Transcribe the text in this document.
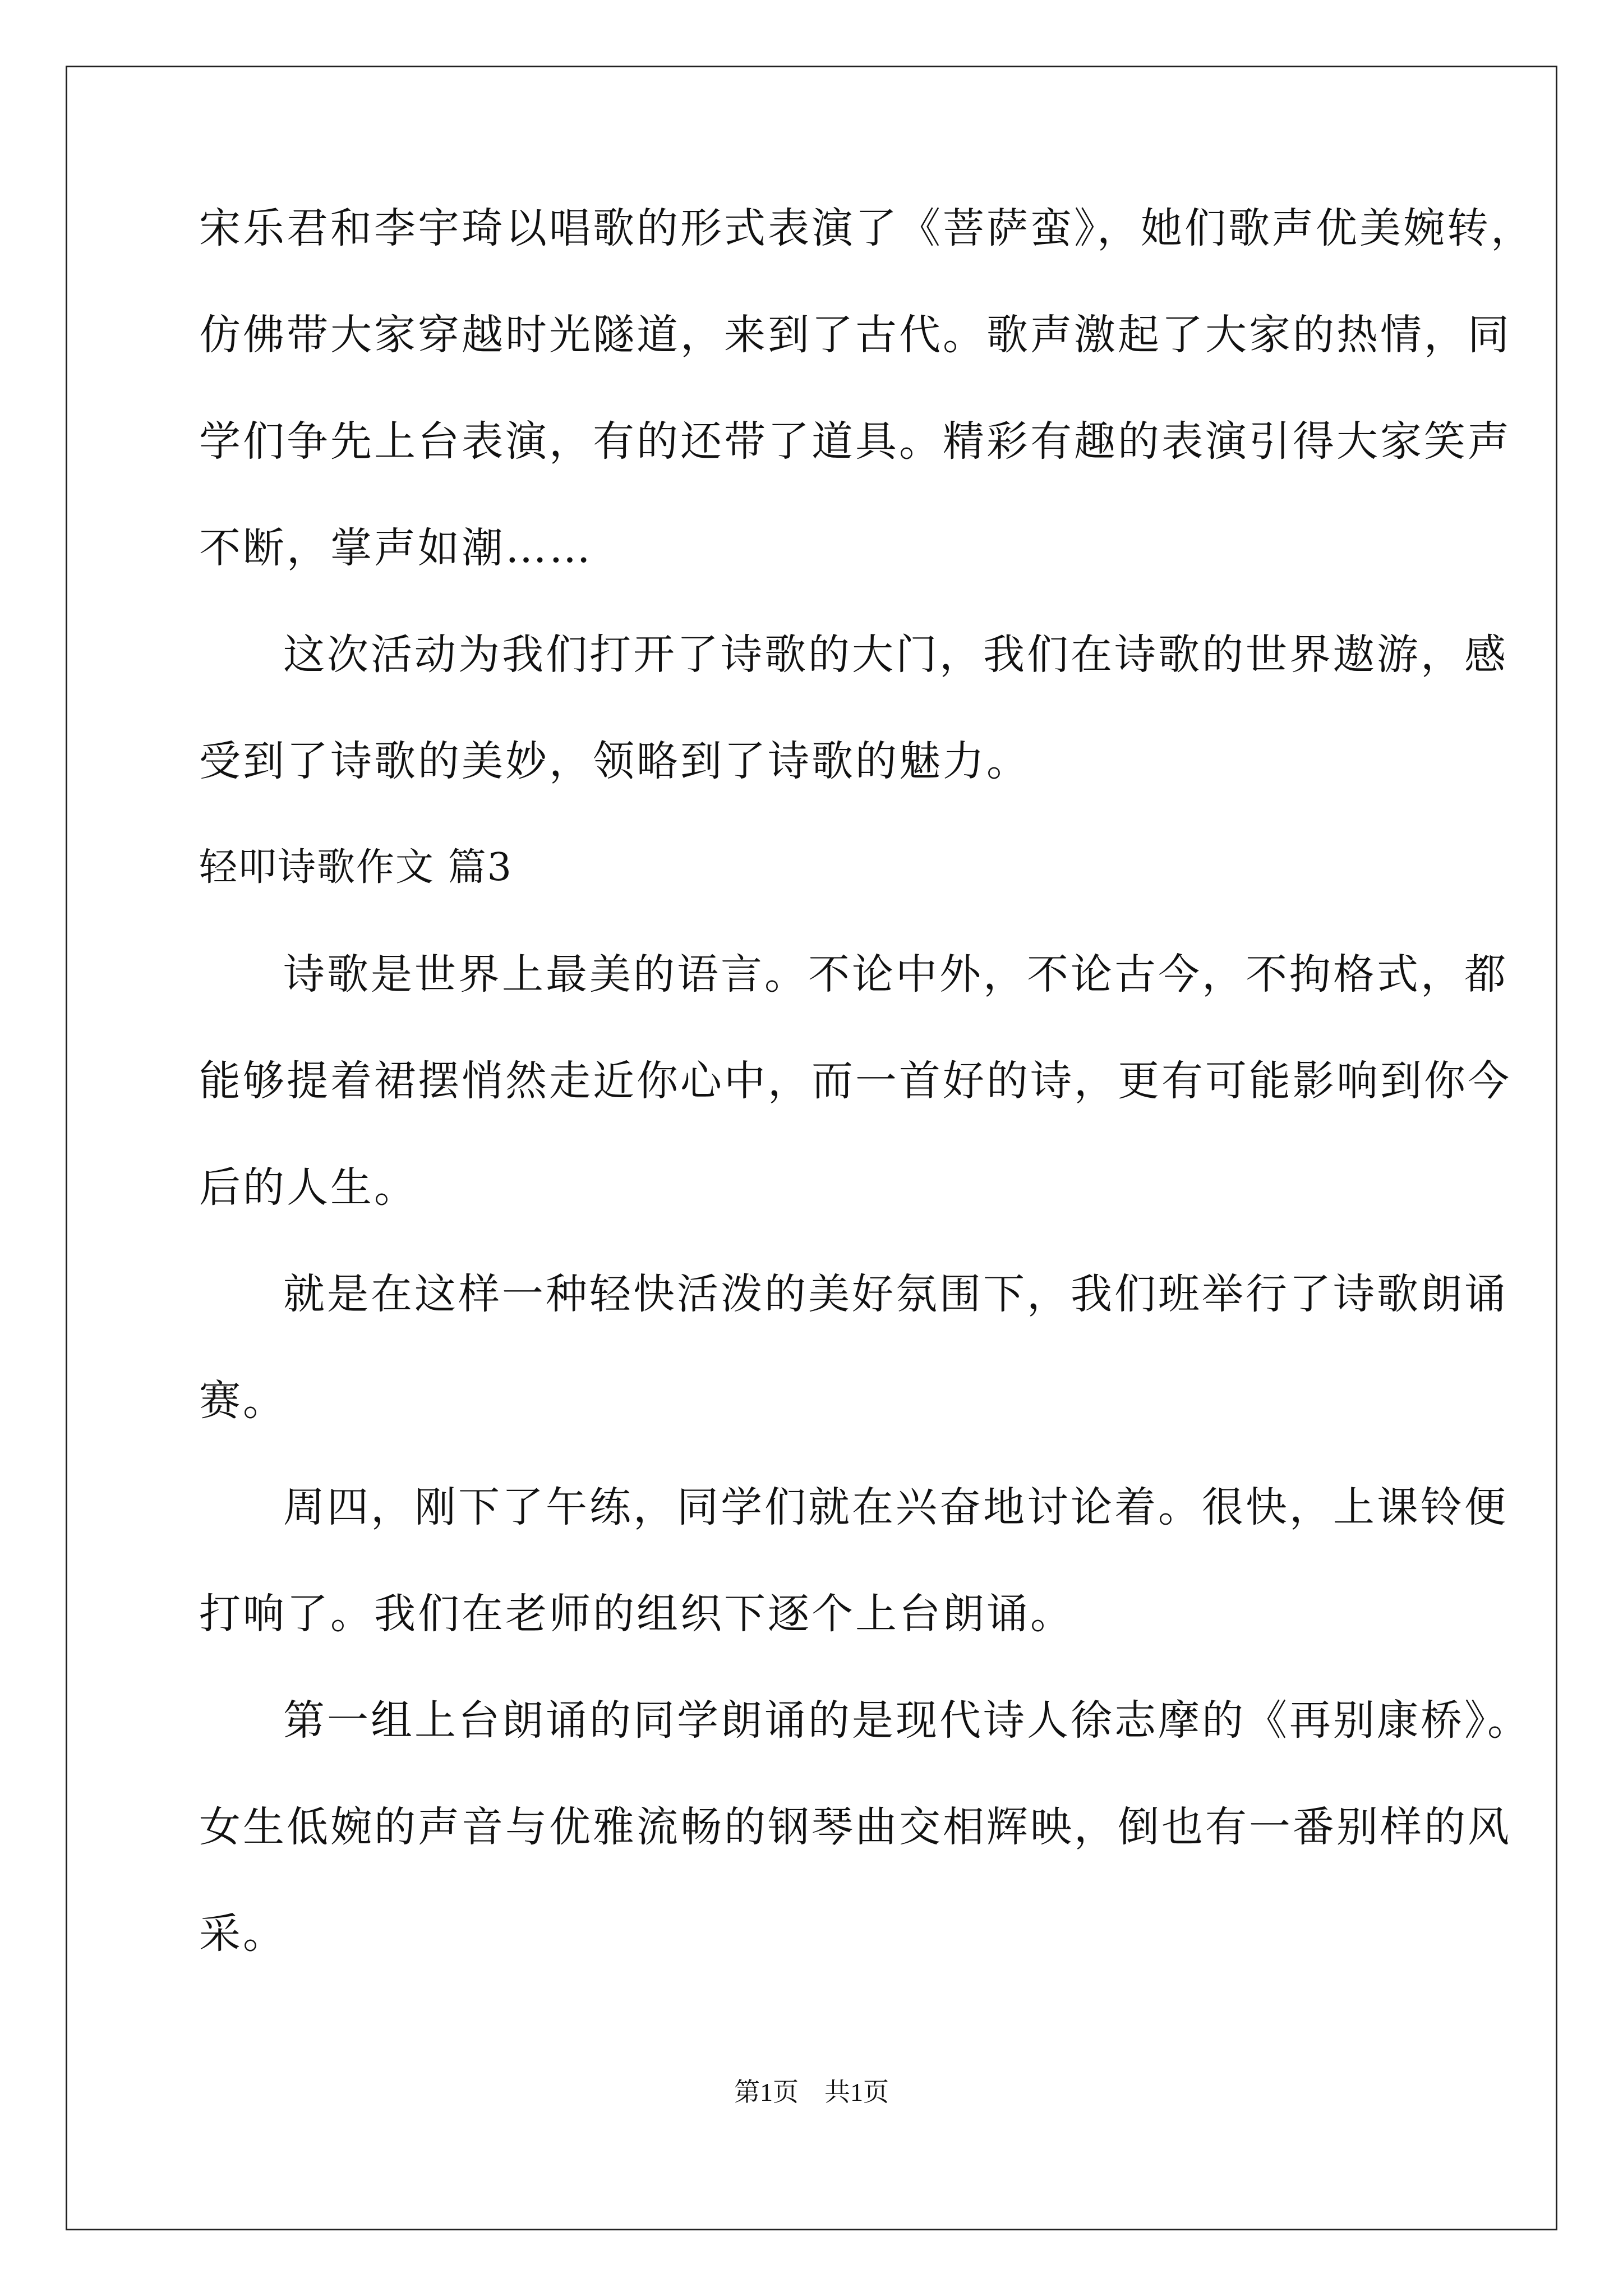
宋乐君和李宇琦以唱歌的形式表演了《菩萨蛮》，她们歌声优美婉转，
仿佛带大家穿越时光隧道，来到了古代。歌声激起了大家的热情，同
学们争先上台表演，有的还带了道具。精彩有趣的表演引得大家笑声
不断，掌声如潮……
这次活动为我们打开了诗歌的大门，我们在诗歌的世界遨游，感
受到了诗歌的美妙，领略到了诗歌的魅力。
轻叩诗歌作文 篇3
诗歌是世界上最美的语言。不论中外，不论古今，不拘格式，都
能够提着裙摆悄然走近你心中，而一首好的诗，更有可能影响到你今
后的人生。
就是在这样一种轻快活泼的美好氛围下，我们班举行了诗歌朗诵
赛。
周四，刚下了午练，同学们就在兴奋地讨论着。很快，上课铃便
打响了。我们在老师的组织下逐个上台朗诵。
第一组上台朗诵的同学朗诵的是现代诗人徐志摩的《再别康桥》。
女生低婉的声音与优雅流畅的钢琴曲交相辉映，倒也有一番别样的风
采。
第1页　共1页
